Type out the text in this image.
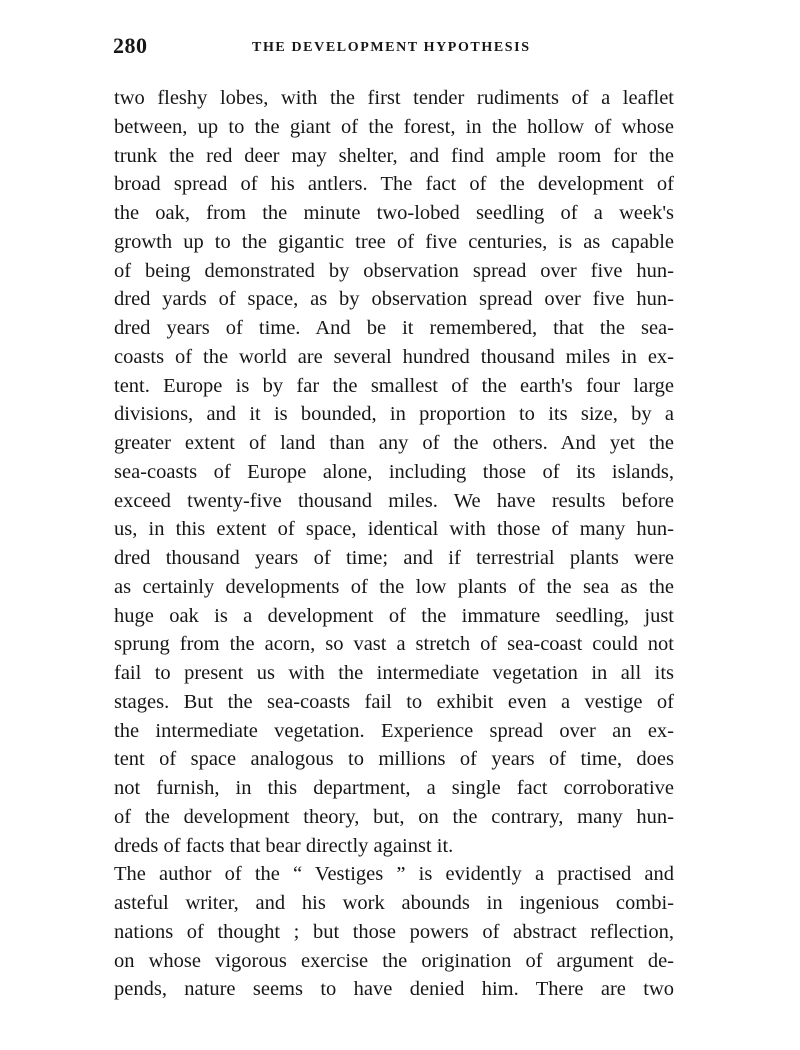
280	THE DEVELOPMENT HYPOTHESIS
two fleshy lobes, with the first tender rudiments of a leaflet
between, up to the giant of the forest, in the hollow of whose
trunk the red deer may shelter, and find ample room for the
broad spread of his antlers. The fact of the development of
the oak, from the minute two-lobed seedling of a week's
growth up to the gigantic tree of five centuries, is as capable
of being demonstrated by observation spread over five hun-
dred yards of space, as by observation spread over five hun-
dred years of time. And be it remembered, that the sea-
coasts of the world are several hundred thousand miles in ex-
tent. Europe is by far the smallest of the earth's four large
divisions, and it is bounded, in proportion to its size, by a
greater extent of land than any of the others. And yet the
sea-coasts of Europe alone, including those of its islands,
exceed twenty-five thousand miles. We have results before
us, in this extent of space, identical with those of many hun-
dred thousand years of time; and if terrestrial plants were
as certainly developments of the low plants of the sea as the
huge oak is a development of the immature seedling, just
sprung from the acorn, so vast a stretch of sea-coast could not
fail to present us with the intermediate vegetation in all its
stages. But the sea-coasts fail to exhibit even a vestige of
the intermediate vegetation. Experience spread over an ex-
tent of space analogous to millions of years of time, does
not furnish, in this department, a single fact corroborative
of the development theory, but, on the contrary, many hun-
dreds of facts that bear directly against it.
The author of the “ Vestiges ” is evidently a practised and
asteful writer, and his work abounds in ingenious combi-
nations of thought ; but those powers of abstract reflection,
on whose vigorous exercise the origination of argument de-
pends, nature seems to have denied him. There are two
